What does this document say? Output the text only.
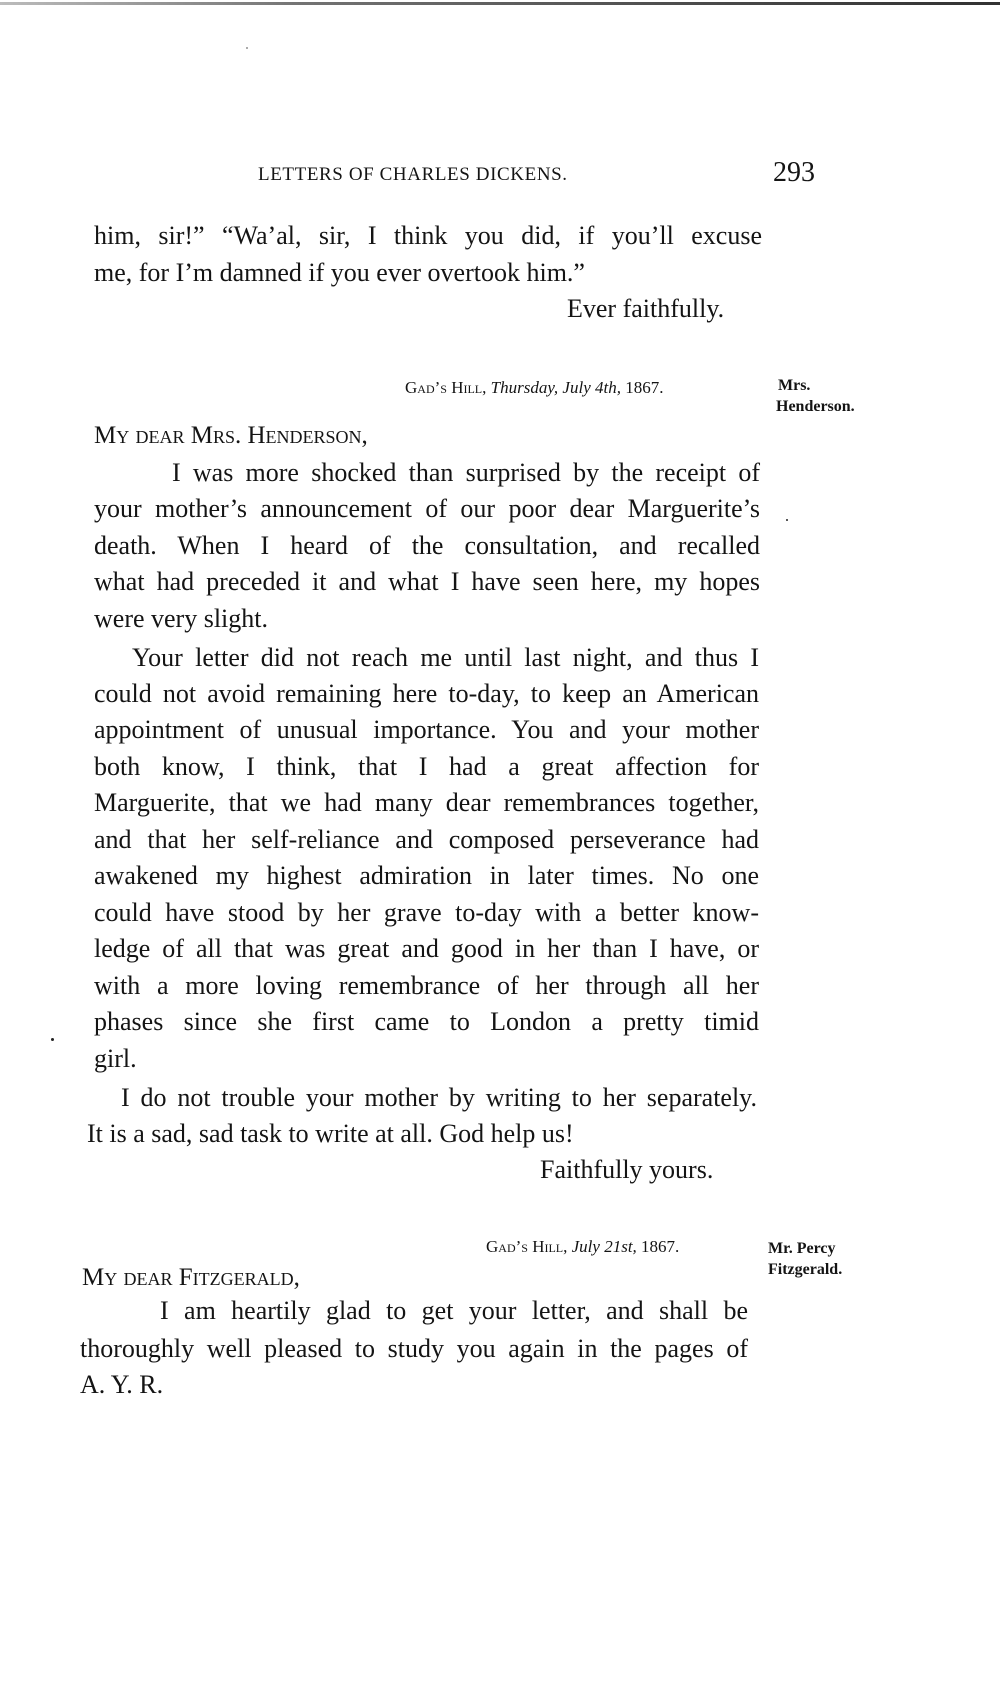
LETTERS OF CHARLES DICKENS.	293
him, sir!” “Wa’al, sir, I think you did, if you’ll excuse
me, for I’m damned if you ever overtook him.”
Ever faithfully.
Gad’s Hill, Thursday, July 4th, 1867.	Mrs.
Henderson.
My dear Mrs. Henderson,
I was more shocked than surprised by the receipt of
your mother’s announcement of our poor dear Marguerite’s
death. When I heard of the consultation, and recalled
what had preceded it and what I have seen here, my hopes
were very slight.
Your letter did not reach me until last night, and thus I
could not avoid remaining here to-day, to keep an American
appointment of unusual importance. You and your mother
both know, I think, that I had a great affection for
Marguerite, that we had many dear remembrances together,
and that her self-reliance and composed perseverance had
awakened my highest admiration in later times. No one
could have stood by her grave to-day with a better know-
ledge of all that was great and good in her than I have, or
with a more loving remembrance of her through all her
phases since she first came to London a pretty timid
girl.
I do not trouble your mother by writing to her separately.
It is a sad, sad task to write at all. God help us!
Faithfully yours.
Gad’s Hill, July 21st, 1867.	Mr. Percy
Fitzgerald.
My dear Fitzgerald,
I am heartily glad to get your letter, and shall be
thoroughly well pleased to study you again in the pages of
A. Y. R.
